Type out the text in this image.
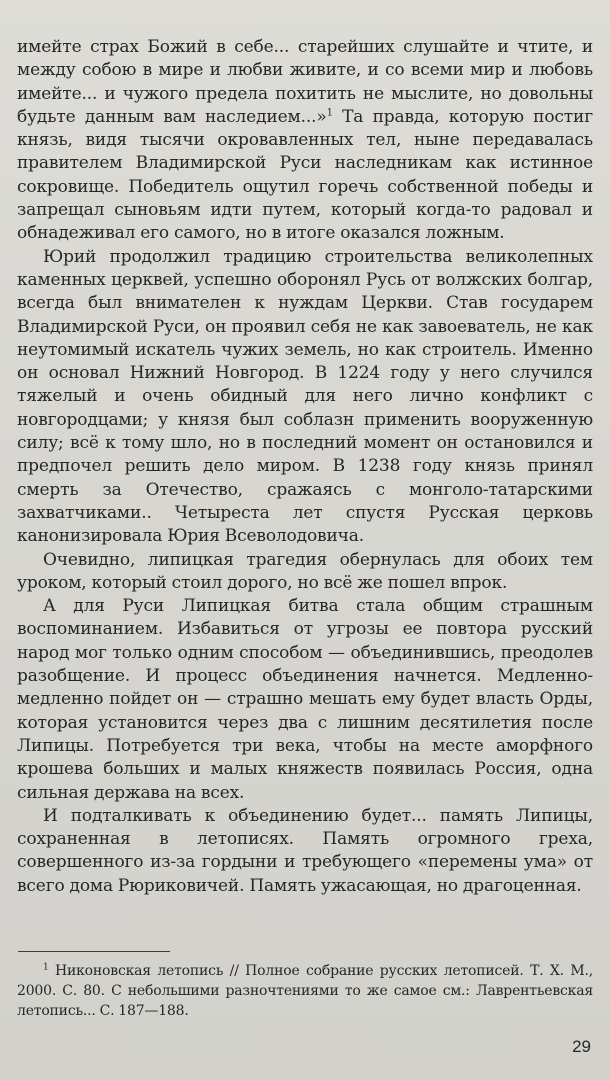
имейте страх Божий в себе... старейших слушайте и чтите, и между собою в мире и любви живите, и со всеми мир и любовь имейте... и чужого предела похитить не мыслите, но довольны будьте данным вам наследием...»$^1$ Та правда, которую постиг князь, видя тысячи окровавленных тел, ныне передавалась правителем Владимирской Руси наследникам как истинное сокровище. Победитель ощутил горечь собственной победы и запрещал сыновьям идти путем, который когда-то радовал и обнадеживал его самого, но в итоге оказался ложным.

Юрий продолжил традицию строительства великолепных каменных церквей, успешно оборонял Русь от волжских болгар, всегда был внимателен к нуждам Церкви. Став государем Владимирской Руси, он проявил себя не как завоеватель, не как неутомимый искатель чужих земель, но как строитель. Именно он основал Нижний Новгород. В 1224 году у него случился тяжелый и очень обидный для него лично конфликт с новгородцами; у князя был соблазн применить вооруженную силу; всё к тому шло, но в последний момент он остановился и предпочел решить дело миром. В 1238 году князь принял смерть за Отечество, сражаясь с монголо-татарскими захватчиками.. Четыреста лет спустя Русская церковь канонизировала Юрия Всеволодовича.

Очевидно, липицкая трагедия обернулась для обоих тем уроком, который стоил дорого, но всё же пошел впрок.

А для Руси Липицкая битва стала общим страшным воспоминанием. Избавиться от угрозы ее повтора русский народ мог только одним способом — объединившись, преодолев разобщение. И процесс объединения начнется. Медленно-медленно пойдет он — страшно мешать ему будет власть Орды, которая установится через два с лишним десятилетия после Липицы. Потребуется три века, чтобы на месте аморфного крошева больших и малых княжеств появилась Россия, одна сильная держава на всех.

И подталкивать к объединению будет... память Липицы, сохраненная в летописях. Память огромного греха, совершенного из-за гордыни и требующего «перемены ума» от всего дома Рюриковичей. Память ужасающая, но драгоценная.

$^1$ Никоновская летопись // Полное собрание русских летописей. Т. Х. М., 2000. С. 80. С небольшими разночтениями то же самое см.: Лаврентьевская летопись... С. 187—188.

29
